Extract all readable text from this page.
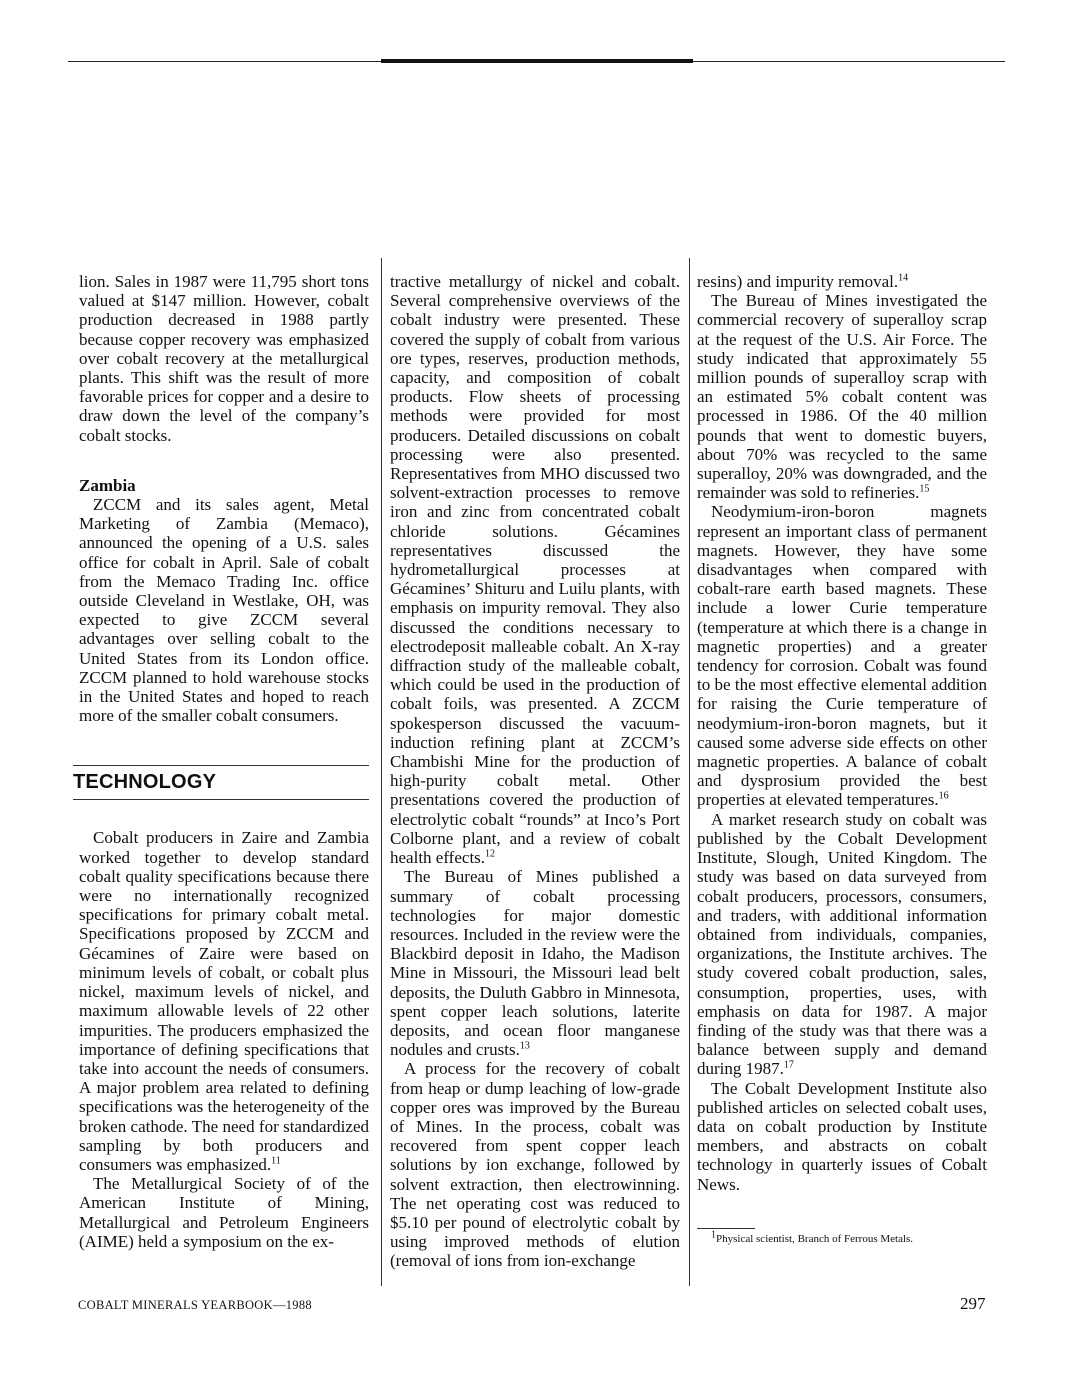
lion. Sales in 1987 were 11,795 short tons valued at $147 million. However, cobalt production decreased in 1988 partly because copper recovery was emphasized over cobalt recovery at the metallurgical plants. This shift was the result of more favorable prices for copper and a desire to draw down the level of the company’s cobalt stocks.

Zambia

ZCCM and its sales agent, Metal Marketing of Zambia (Memaco), announced the opening of a U.S. sales office for cobalt in April. Sale of cobalt from the Memaco Trading Inc. office outside Cleveland in Westlake, OH, was expected to give ZCCM several advantages over selling cobalt to the United States from its London office. ZCCM planned to hold warehouse stocks in the United States and hoped to reach more of the smaller cobalt consumers.

TECHNOLOGY

Cobalt producers in Zaire and Zambia worked together to develop standard cobalt quality specifications because there were no internationally recognized specifications for primary cobalt metal. Specifications proposed by ZCCM and Gécamines of Zaire were based on minimum levels of cobalt, or cobalt plus nickel, maximum levels of nickel, and maximum allowable levels of 22 other impurities. The producers emphasized the importance of defining specifications that take into account the needs of consumers. A major problem area related to defining specifications was the heterogeneity of the broken cathode. The need for standardized sampling by both producers and consumers was emphasized.$^{11}$

The Metallurgical Society of of the American Institute of Mining, Metallurgical and Petroleum Engineers (AIME) held a symposium on the ex-

tractive metallurgy of nickel and cobalt. Several comprehensive overviews of the cobalt industry were presented. These covered the supply of cobalt from various ore types, reserves, production methods, capacity, and composition of cobalt products. Flow sheets of processing methods were provided for most producers. Detailed discussions on cobalt processing were also presented. Representatives from MHO discussed two solvent-extraction processes to remove iron and zinc from concentrated cobalt chloride solutions. Gécamines representatives discussed the hydrometallurgical processes at Gécamines’ Shituru and Luilu plants, with emphasis on impurity removal. They also discussed the conditions necessary to electrodeposit malleable cobalt. An X-ray diffraction study of the malleable cobalt, which could be used in the production of cobalt foils, was presented. A ZCCM spokesperson discussed the vacuum-induction refining plant at ZCCM’s Chambishi Mine for the production of high-purity cobalt metal. Other presentations covered the production of electrolytic cobalt “rounds” at Inco’s Port Colborne plant, and a review of cobalt health effects.$^{12}$

The Bureau of Mines published a summary of cobalt processing technologies for major domestic resources. Included in the review were the Blackbird deposit in Idaho, the Madison Mine in Missouri, the Missouri lead belt deposits, the Duluth Gabbro in Minnesota, spent copper leach solutions, laterite deposits, and ocean floor manganese nodules and crusts.$^{13}$

A process for the recovery of cobalt from heap or dump leaching of low-grade copper ores was improved by the Bureau of Mines. In the process, cobalt was recovered from spent copper leach solutions by ion exchange, followed by solvent extraction, then electrowinning. The net operating cost was reduced to $5.10 per pound of electrolytic cobalt by using improved methods of elution (removal of ions from ion-exchange

resins) and impurity removal.$^{14}$

The Bureau of Mines investigated the commercial recovery of superalloy scrap at the request of the U.S. Air Force. The study indicated that approximately 55 million pounds of superalloy scrap with an estimated 5% cobalt content was processed in 1986. Of the 40 million pounds that went to domestic buyers, about 70% was recycled to the same superalloy, 20% was downgraded, and the remainder was sold to refineries.$^{15}$

Neodymium-iron-boron magnets represent an important class of permanent magnets. However, they have some disadvantages when compared with cobalt-rare earth based magnets. These include a lower Curie temperature (temperature at which there is a change in magnetic properties) and a greater tendency for corrosion. Cobalt was found to be the most effective elemental addition for raising the Curie temperature of neodymium-iron-boron magnets, but it caused some adverse side effects on other magnetic properties. A balance of cobalt and dysprosium provided the best properties at elevated temperatures.$^{16}$

A market research study on cobalt was published by the Cobalt Development Institute, Slough, United Kingdom. The study was based on data surveyed from cobalt producers, processors, consumers, and traders, with additional information obtained from individuals, companies, organizations, the Institute archives. The study covered cobalt production, sales, consumption, properties, uses, with emphasis on data for 1987. A major finding of the study was that there was a balance between supply and demand during 1987.17

The Cobalt Development Institute also published articles on selected cobalt uses, data on cobalt production by Institute members, and abstracts on cobalt technology in quarterly issues of Cobalt News.

$^1$Physical scientist, Branch of Ferrous Metals.

COBALT MINERALS YEARBOOK—1988	297
